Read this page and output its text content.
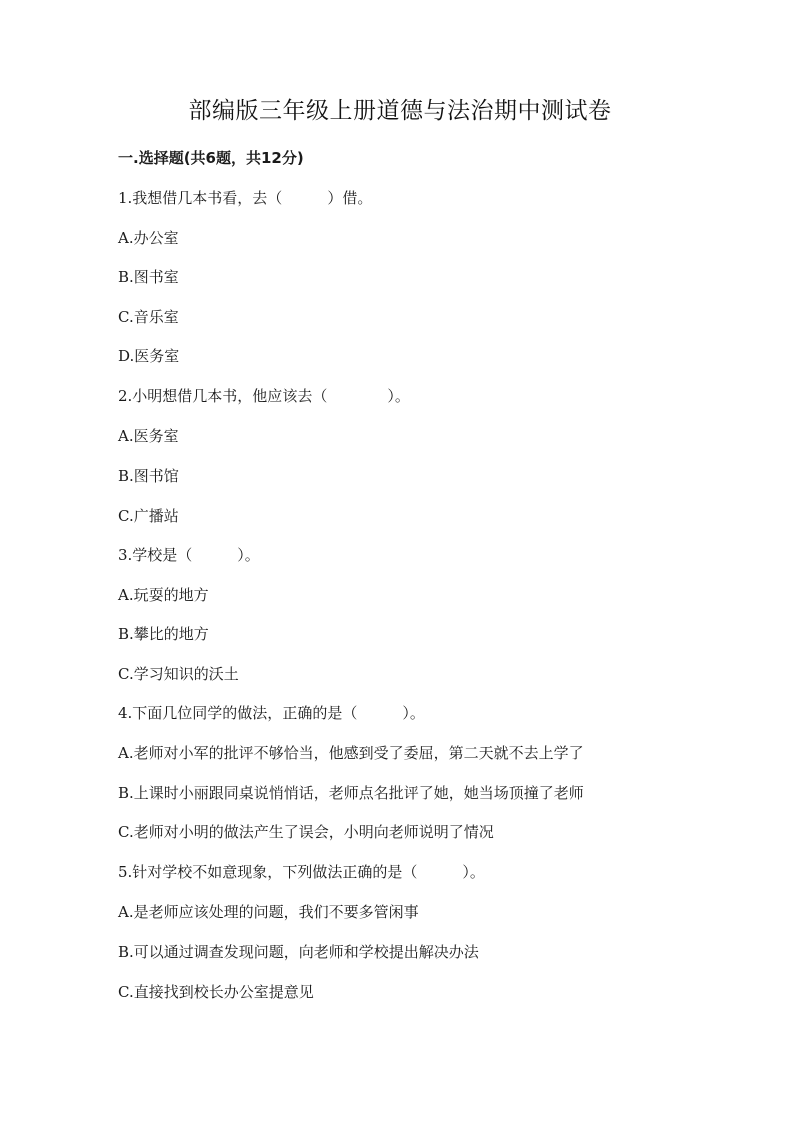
部编版三年级上册道德与法治期中测试卷
一.选择题(共6题，共12分)
1.我想借几本书看，去（　　　）借。
A.办公室
B.图书室
C.音乐室
D.医务室
2.小明想借几本书，他应该去（　　　　）。
A.医务室
B.图书馆
C.广播站
3.学校是（　　　）。
A.玩耍的地方
B.攀比的地方
C.学习知识的沃土
4.下面几位同学的做法，正确的是（　　　）。
A.老师对小军的批评不够恰当，他感到受了委屈，第二天就不去上学了
B.上课时小丽跟同桌说悄悄话，老师点名批评了她，她当场顶撞了老师
C.老师对小明的做法产生了误会，小明向老师说明了情况
5.针对学校不如意现象，下列做法正确的是（　　　）。
A.是老师应该处理的问题，我们不要多管闲事
B.可以通过调查发现问题，向老师和学校提出解决办法
C.直接找到校长办公室提意见
